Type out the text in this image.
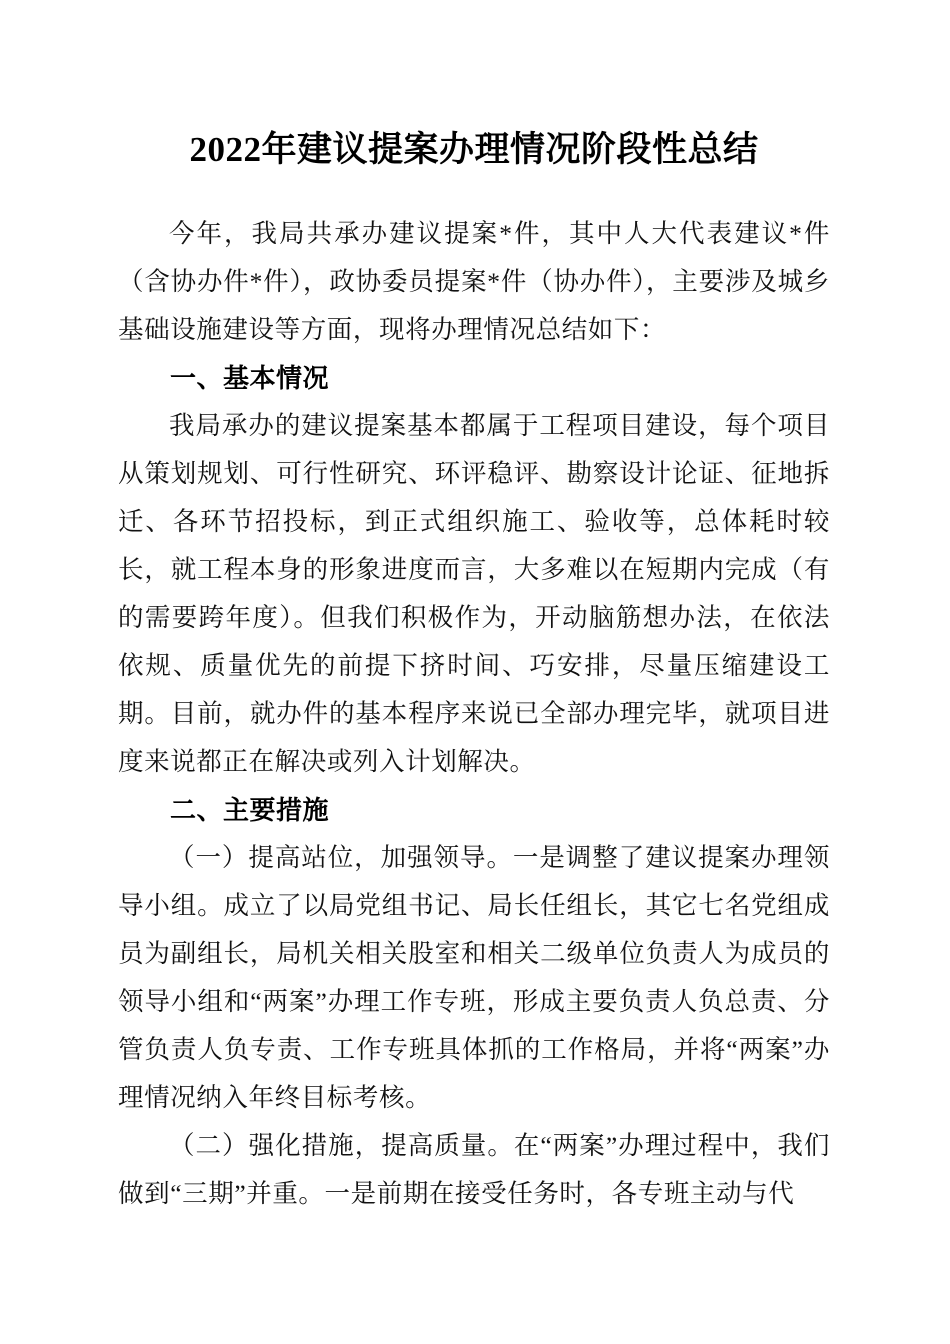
2022年建议提案办理情况阶段性总结

今年，我局共承办建议提案*件，其中人大代表建议*件（含协办件*件），政协委员提案*件（协办件），主要涉及城乡基础设施建设等方面，现将办理情况总结如下：

一、基本情况

我局承办的建议提案基本都属于工程项目建设，每个项目从策划规划、可行性研究、环评稳评、勘察设计论证、征地拆迁、各环节招投标，到正式组织施工、验收等，总体耗时较长，就工程本身的形象进度而言，大多难以在短期内完成（有的需要跨年度）。但我们积极作为，开动脑筋想办法，在依法依规、质量优先的前提下挤时间、巧安排，尽量压缩建设工期。目前，就办件的基本程序来说已全部办理完毕，就项目进度来说都正在解决或列入计划解决。

二、主要措施

（一）提高站位，加强领导。一是调整了建议提案办理领导小组。成立了以局党组书记、局长任组长，其它七名党组成员为副组长，局机关相关股室和相关二级单位负责人为成员的领导小组和“两案”办理工作专班，形成主要负责人负总责、分管负责人负专责、工作专班具体抓的工作格局，并将“两案”办理情况纳入年终目标考核。

（二）强化措施，提高质量。在“两案”办理过程中，我们做到“三期”并重。一是前期在接受任务时，各专班主动与代
